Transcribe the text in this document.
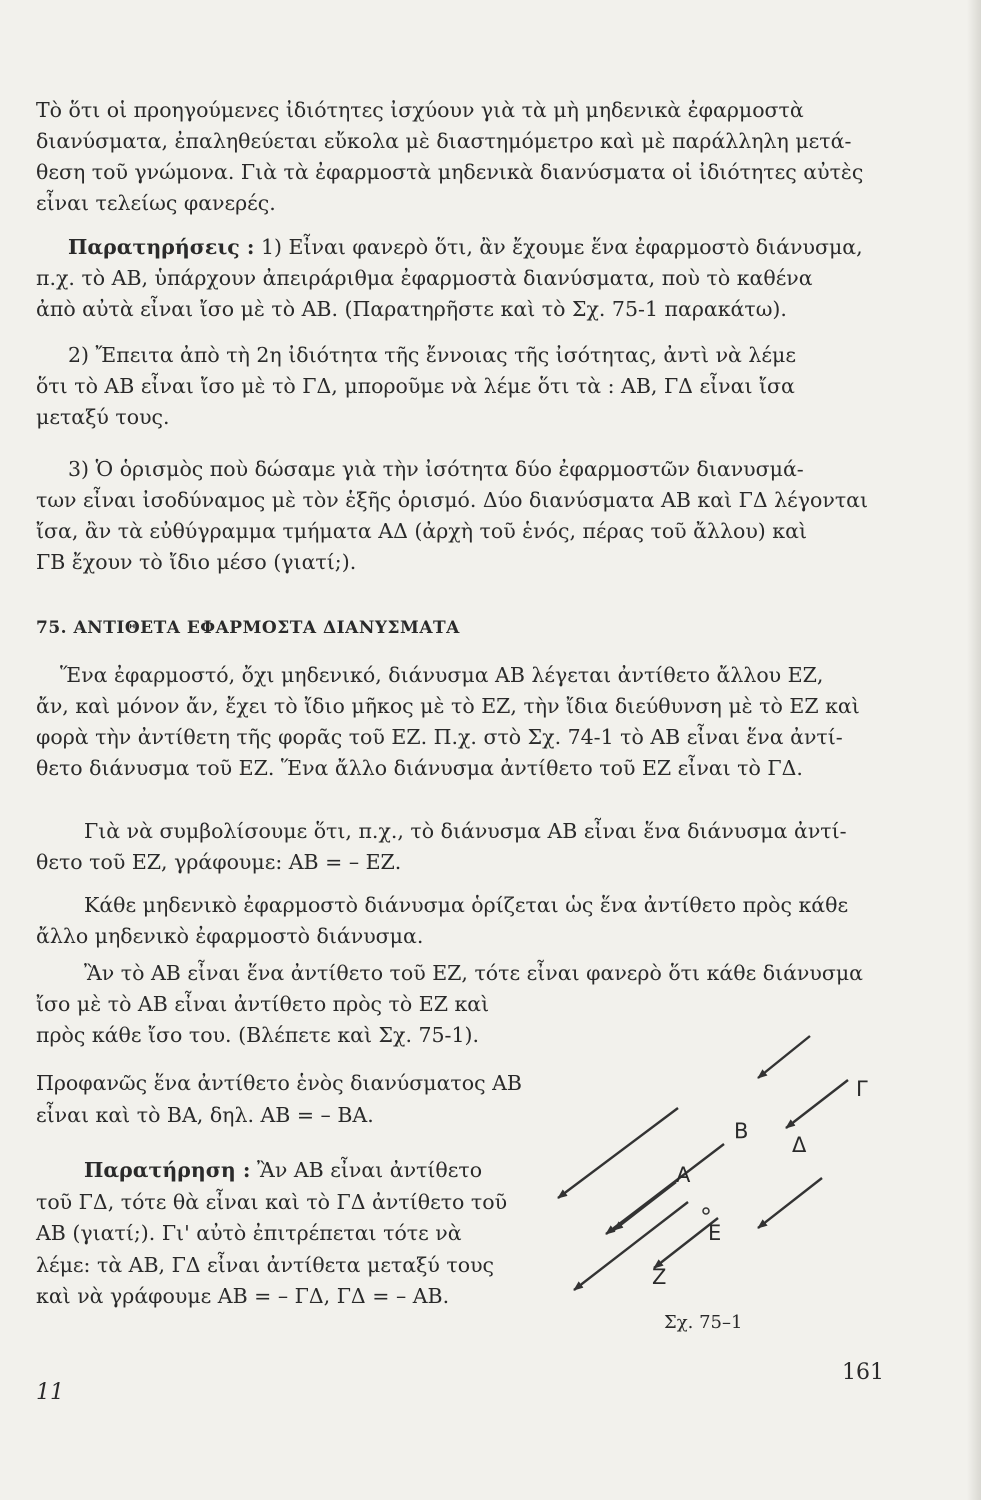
Τὸ ὅτι οἱ προηγούμενες ἰδιότητες ἰσχύουν γιὰ τὰ μὴ μηδενικὰ ἐφαρμοστὰ
διανύσματα, ἐπαληθεύεται εὔκολα μὲ διαστημόμετρο καὶ μὲ παράλληλη μετά-
θεση τοῦ γνώμονα. Γιὰ τὰ ἐφαρμοστὰ μηδενικὰ διανύσματα οἱ ἰδιότητες αὐτὲς
εἶναι τελείως φανερές.
Παρατηρήσεις : 1) Εἶναι φανερὸ ὅτι, ἂν ἔχουμε ἕνα ἐφαρμοστὸ διάνυσμα,
π.χ. τὸ AB, ὑπάρχουν ἀπειράριθμα ἐφαρμοστὰ διανύσματα, ποὺ τὸ καθένα
ἀπὸ αὐτὰ εἶναι ἴσο μὲ τὸ AB. (Παρατηρῆστε καὶ τὸ Σχ. 75-1 παρακάτω).
2) Ἔπειτα ἀπὸ τὴ 2η ἰδιότητα τῆς ἔννοιας τῆς ἰσότητας, ἀντὶ νὰ λέμε
ὅτι τὸ AB εἶναι ἴσο μὲ τὸ ΓΔ, μποροῦμε νὰ λέμε ὅτι τὰ : AB, ΓΔ εἶναι ἴσα
μεταξύ τους.
3) Ὁ ὁρισμὸς ποὺ δώσαμε γιὰ τὴν ἰσότητα δύο ἐφαρμοστῶν διανυσμά-
των εἶναι ἰσοδύναμος μὲ τὸν ἑξῆς ὁρισμό. Δύο διανύσματα AB καὶ ΓΔ λέγονται
ἴσα, ἂν τὰ εὐθύγραμμα τμήματα ΑΔ (ἀρχὴ τοῦ ἑνός, πέρας τοῦ ἄλλου) καὶ
ΓΒ ἔχουν τὸ ἴδιο μέσο (γιατί;).

75. ΑΝΤΙΘΕΤΑ ΕΦΑΡΜΟΣΤΑ ΔΙΑΝΥΣΜΑΤΑ

Ἕνα ἐφαρμοστό, ὄχι μηδενικό, διάνυσμα AB λέγεται ἀντίθετο ἄλλου ΕΖ,
ἄν, καὶ μόνον ἄν, ἔχει τὸ ἴδιο μῆκος μὲ τὸ ΕΖ, τὴν ἴδια διεύθυνση μὲ τὸ ΕΖ καὶ
φορὰ τὴν ἀντίθετη τῆς φορᾶς τοῦ ΕΖ. Π.χ. στὸ Σχ. 74-1 τὸ AB εἶναι ἕνα ἀντί-
θετο διάνυσμα τοῦ ΕΖ. Ἕνα ἄλλο διάνυσμα ἀντίθετο τοῦ ΕΖ εἶναι τὸ ΓΔ.
Γιὰ νὰ συμβολίσουμε ὅτι, π.χ., τὸ διάνυσμα AB εἶναι ἕνα διάνυσμα ἀντί-
θετο τοῦ ΕΖ, γράφουμε: AB = – ΕΖ.
Κάθε μηδενικὸ ἐφαρμοστὸ διάνυσμα ὁρίζεται ὡς ἕνα ἀντίθετο πρὸς κάθε
ἄλλο μηδενικὸ ἐφαρμοστὸ διάνυσμα.
Ἂν τὸ AB εἶναι ἕνα ἀντίθετο τοῦ ΕΖ, τότε εἶναι φανερὸ ὅτι κάθε διάνυσμα
ἴσο μὲ τὸ AB εἶναι ἀντίθετο πρὸς τὸ ΕΖ καὶ
πρὸς κάθε ἴσο του. (Βλέπετε καὶ Σχ. 75-1).
Προφανῶς ἕνα ἀντίθετο ἑνὸς διανύσματος AB
εἶναι καὶ τὸ BA, δηλ. AB = – BA.
Παρατήρηση : Ἂν AB εἶναι ἀντίθετο
τοῦ ΓΔ, τότε θὰ εἶναι καὶ τὸ ΓΔ ἀντίθετο τοῦ
AB (γιατί;). Γι' αὐτὸ ἐπιτρέπεται τότε νὰ
λέμε: τὰ AB, ΓΔ εἶναι ἀντίθετα μεταξύ τους
καὶ νὰ γράφουμε AB = – ΓΔ, ΓΔ = – AB.
Γ
Β
Δ
Α
Ε
Ζ

Σχ. 75–1

161

11
